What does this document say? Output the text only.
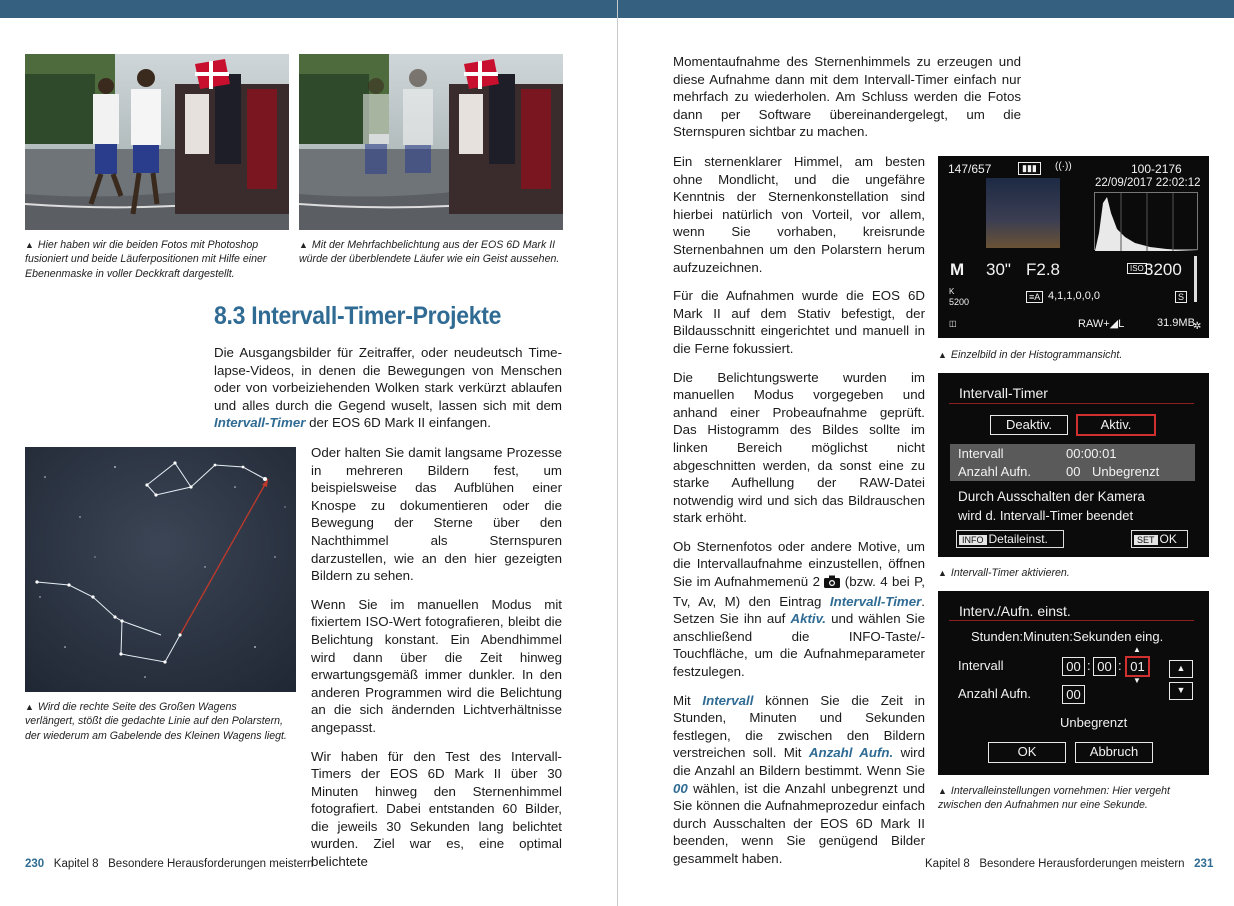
▲ Hier haben wir die beiden Fotos mit Photoshop fusioniert und beide Läuferpositionen mit Hilfe einer Ebenenmaske in voller Deckkraft dargestellt.
▲ Mit der Mehrfachbelichtung aus der EOS 6D Mark II würde der überblendete Läufer wie ein Geist aussehen.
8.3 Intervall-Timer-Projekte

Die Ausgangsbilder für Zeitraffer, oder neudeutsch Timelapse-Videos, in denen die Bewegungen von Menschen oder von vorbeiziehenden Wolken stark verkürzt ablaufen und alles durch die Gegend wuselt, lassen sich mit dem Intervall-Timer der EOS 6D Mark II einfangen.

▲ Wird die rechte Seite des Großen Wagens verlängert, stößt die gedachte Linie auf den Polarstern, der wiederum am Gabelende des Kleinen Wagens liegt.

Oder halten Sie damit langsame Prozesse in mehreren Bildern fest, um beispielsweise das Aufblühen einer Knospe zu dokumentieren oder die Bewegung der Sterne über den Nachthimmel als Sternspuren darzustellen, wie an den hier gezeigten Bildern zu sehen.

Wenn Sie im manuellen Modus mit fixiertem ISO-Wert fotografieren, bleibt die Belichtung konstant. Ein Abendhimmel wird dann über die Zeit hinweg erwartungsgemäß immer dunkler. In den anderen Programmen wird die Belichtung an die sich ändernden Lichtverhältnisse angepasst.

Wir haben für den Test des Intervall-Timers der EOS 6D Mark II über 30 Minuten hinweg den Sternenhimmel fotografiert. Dabei entstanden 60 Bilder, die jeweils 30 Sekunden lang belichtet wurden. Ziel war es, eine optimal belichtete

230 Kapitel 8 Besondere Herausforderungen meistern

Momentaufnahme des Sternenhimmels zu erzeugen und diese Aufnahme dann mit dem Intervall-Timer einfach nur mehrfach zu wiederholen. Am Schluss werden die Fotos dann per Software übereinandergelegt, um die Sternspuren sichtbar zu machen.

Ein sternenklarer Himmel, am besten ohne Mondlicht, und die ungefähre Kenntnis der Sternenkonstellation sind hierbei natürlich von Vorteil, vor allem, wenn Sie vorhaben, kreisrunde Sternenbahnen um den Polarstern herum aufzuzeichnen.

Für die Aufnahmen wurde die EOS 6D Mark II auf dem Stativ befestigt, der Bildausschnitt eingerichtet und manuell in die Ferne fokussiert.

Die Belichtungswerte wurden im manuellen Modus vorgegeben und anhand einer Probeaufnahme geprüft. Das Histogramm des Bildes sollte im linken Bereich möglichst nicht abgeschnitten werden, da sonst eine zu starke Aufhellung der RAW-Datei notwendig wird und sich das Bildrauschen stark erhöht.

Ob Sternenfotos oder andere Motive, um die Intervallaufnahme einzustellen, öffnen Sie im Aufnahmemenü 2  (bzw. 4 bei P, Tv, Av, M) den Eintrag Intervall-Timer. Setzen Sie ihn auf Aktiv. und wählen Sie anschließend die INFO-Taste/-Touchfläche, um die Aufnahmeparameter festzulegen.

Mit Intervall können Sie die Zeit in Stunden, Minuten und Sekunden festlegen, die zwischen den Bildern verstreichen soll. Mit Anzahl Aufn. wird die Anzahl an Bildern bestimmt. Wenn Sie 00 wählen, ist die Anzahl unbegrenzt und Sie können die Aufnahmeprozedur einfach durch Ausschalten der EOS 6D Mark II beenden, wenn Sie genügend Bilder gesammelt haben.

147/657	▮▮▮	((·))	100-2176
22/09/2017 22:02:12
M 30" F2.8	ISO 3200
K
5200	≡A 4,1,1,0,0,0	S
◫	RAW+◢L	31.9MB
✲
▲ Einzelbild in der Histogrammansicht.
Intervall-Timer
Deaktiv.	Aktiv.
Intervall	00:00:01
Anzahl Aufn.	00 Unbegrenzt
Durch Ausschalten der Kamera
wird d. Intervall-Timer beendet
INFO Detaileinst.	SET OK
▲ Intervall-Timer aktivieren.
Interv./Aufn. einst.
Stunden:Minuten:Sekunden eing.
Intervall	00 : 00 : 01
▲
▼
▲
▼
Anzahl Aufn.	00
Unbegrenzt
OK	Abbruch
▲ Intervalleinstellungen vornehmen: Hier vergeht zwischen den Aufnahmen nur eine Sekunde.
Kapitel 8 Besondere Herausforderungen meistern 231
